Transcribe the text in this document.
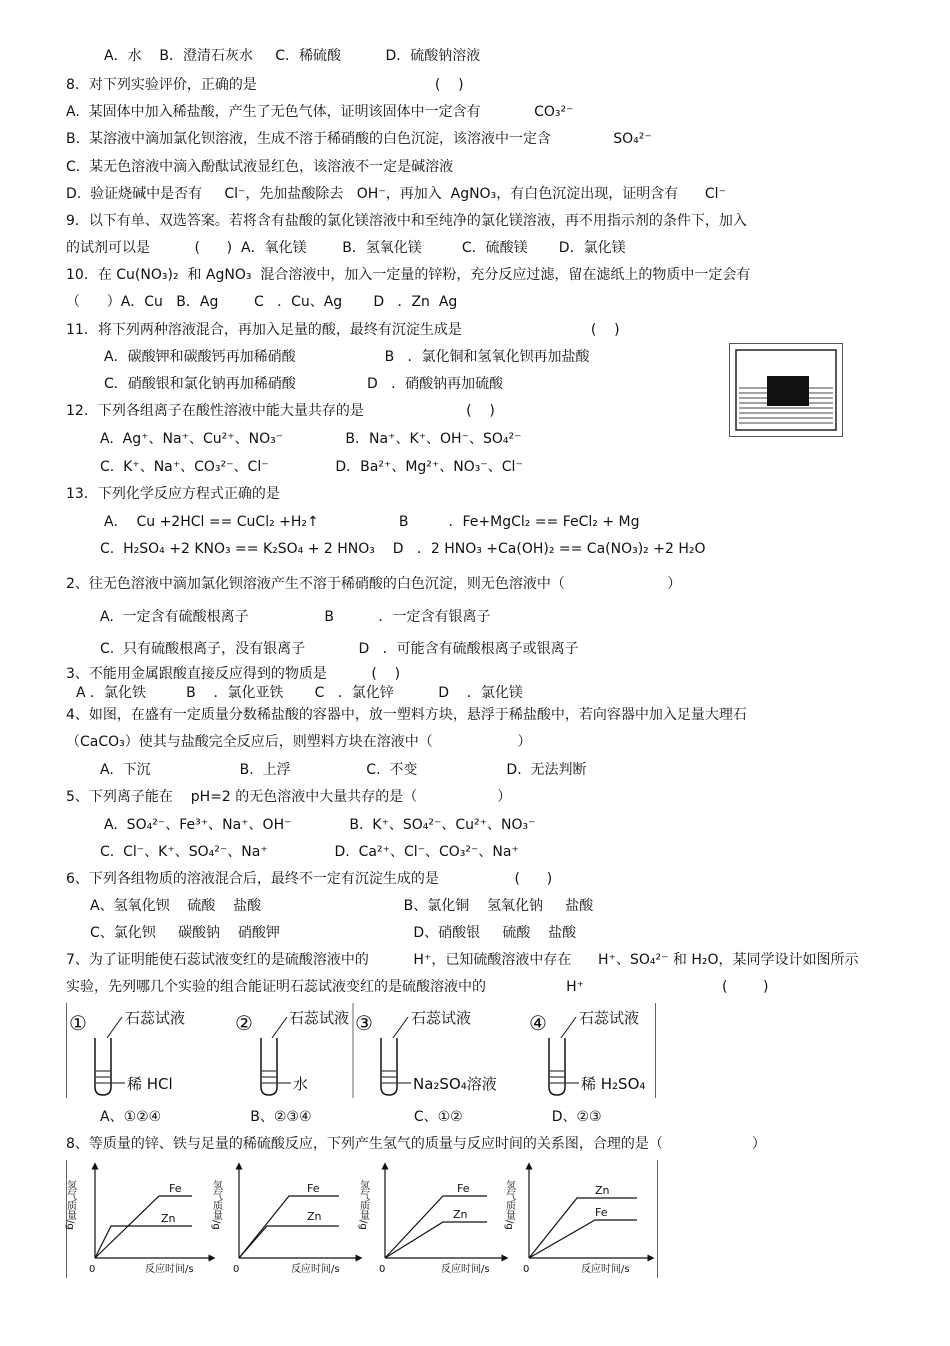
A．水    B．澄清石灰水     C．稀硫酸          D．硫酸钠溶液
8．对下列实验评价，正确的是                                        (    )
A.  某固体中加入稀盐酸，产生了无色气体，证明该固体中一定含有            CO₃²⁻
B.  某溶液中滴加氯化钡溶液，生成不溶于稀硝酸的白色沉淀，该溶液中一定含              SO₄²⁻
C.  某无色溶液中滴入酚酞试液显红色，该溶液不一定是碱溶液
D.  验证烧碱中是否有     Cl⁻，先加盐酸除去   OH⁻，再加入  AgNO₃，有白色沉淀出现，证明含有      Cl⁻
9．以下有单、双选答案。若将含有盐酸的氯化镁溶液中和至纯净的氯化镁溶液，再不用指示剂的条件下，加入
的试剂可以是          (      )  A．氧化镁        B．氢氧化镁         C．硫酸镁       D．氯化镁
10．在 Cu(NO₃)₂  和 AgNO₃  混合溶液中，加入一定量的锌粉，充分反应过滤，留在滤纸上的物质中一定会有
（      ）A．Cu   B．Ag        C   ．Cu、Ag       D   ．Zn  Ag
11．将下列两种溶液混合，再加入足量的酸，最终有沉淀生成是                             (    )
A．碳酸钾和碳酸钙再加稀硝酸                    B   ．氯化铜和氢氧化钡再加盐酸
C．硝酸银和氯化钠再加稀硝酸                D   ．硝酸钠再加硫酸
12．下列各组离子在酸性溶液中能大量共存的是                       (    )
A.  Ag⁺、Na⁺、Cu²⁺、NO₃⁻              B．Na⁺、K⁺、OH⁻、SO₄²⁻
C.  K⁺、Na⁺、CO₃²⁻、Cl⁻               D．Ba²⁺、Mg²⁺、NO₃⁻、Cl⁻
13．下列化学反应方程式正确的是
A．  Cu +2HCl == CuCl₂ +H₂↑                  B         ．Fe+MgCl₂ == FeCl₂ + Mg
C.  H₂SO₄ +2 KNO₃ == K₂SO₄ + 2 HNO₃    D   ．2 HNO₃ +Ca(OH)₂ == Ca(NO₃)₂ +2 H₂O
2、往无色溶液中滴加氯化钡溶液产生不溶于稀硝酸的白色沉淀，则无色溶液中（                       ）
A.  一定含有硫酸根离子                 B          ．一定含有银离子
C.  只有硫酸根离子，没有银离子            D   ．可能含有硫酸根离子或银离子
3、不能用金属跟酸直接反应得到的物质是          (    )
A ．氯化铁         B    ．氯化亚铁       C   ．氯化锌          D    ．氯化镁
4、如图，在盛有一定质量分数稀盐酸的容器中，放一塑料方块，悬浮于稀盐酸中，若向容器中加入足量大理石
（CaCO₃）使其与盐酸完全反应后，则塑料方块在溶液中（                   ）
A.  下沉                    B.  上浮                 C.  不变                    D.  无法判断
5、下列离子能在    pH=2 的无色溶液中大量共存的是（                  ）
A.  SO₄²⁻、Fe³⁺、Na⁺、OH⁻             B.  K⁺、SO₄²⁻、Cu²⁺、NO₃⁻
C.  Cl⁻、K⁺、SO₄²⁻、Na⁺               D.  Ca²⁺、Cl⁻、CO₃²⁻、Na⁺
6、下列各组物质的溶液混合后，最终不一定有沉淀生成的是                 (      )
A、氢氧化钡    硫酸    盐酸                                B、氯化铜    氢氧化钠     盐酸
C、氯化钡     碳酸钠    硝酸钾                              D、硝酸银     硫酸    盐酸
7、为了证明能使石蕊试液变红的是硫酸溶液中的          H⁺，已知硫酸溶液中存在      H⁺、SO₄²⁻ 和 H₂O，某同学设计如图所示
实验，先列哪几个实验的组合能证明石蕊试液变红的是硫酸溶液中的                  H⁺                               (        )
A、①②④                    B、②③④                       C、①②                    D、②③
8、等质量的锌、铁与足量的稀硫酸反应，下列产生氢气的质量与反应时间的关系图，合理的是（                    ）
①	石蕊试液
稀 HCl
② 石蕊试液
水
③	石蕊试液
Na₂SO₄溶液
④ 石蕊试液
稀 H₂SO₄
Fe
Zn
氢气质量/g
反应时间/s
0
Fe
Zn
氢气质量/g
反应时间/s
0
Fe
Zn
氢气质量/g
反应时间/s
0
Zn
Fe
氢气质量/g
反应时间/s
0
